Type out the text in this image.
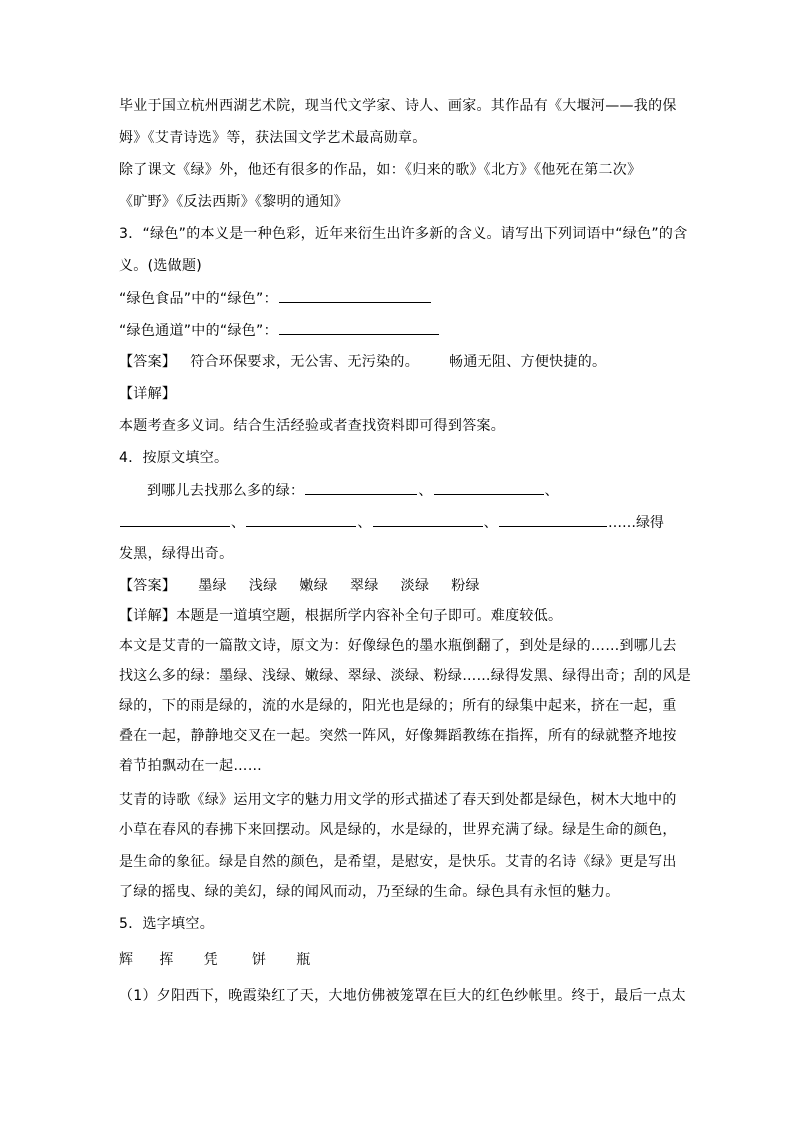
毕业于国立杭州西湖艺术院，现当代文学家、诗人、画家。其作品有《大堰河——我的保
姆》《艾青诗选》等，获法国文学艺术最高勋章。
除了课文《绿》外，他还有很多的作品，如：《归来的歌》《北方》《他死在第二次》
《旷野》《反法西斯》《黎明的通知》
3．“绿色”的本义是一种色彩，近年来衍生出许多新的含义。请写出下列词语中“绿色”的含
义。(选做题)
“绿色食品”中的“绿色”：
“绿色通道”中的“绿色”：
【答案】 符合环保要求，无公害、无污染的。 畅通无阻、方便快捷的。
【详解】
本题考查多义词。结合生活经验或者查找资料即可得到答案。
4．按原文填空。
到哪儿去找那么多的绿：	、	、
、	、	、	……绿得
发黑，绿得出奇。
【答案】 墨绿 浅绿 嫩绿 翠绿 淡绿 粉绿
【详解】本题是一道填空题，根据所学内容补全句子即可。难度较低。
本文是艾青的一篇散文诗，原文为：好像绿色的墨水瓶倒翻了，到处是绿的……到哪儿去
找这么多的绿：墨绿、浅绿、嫩绿、翠绿、淡绿、粉绿……绿得发黑、绿得出奇；刮的风是
绿的，下的雨是绿的，流的水是绿的，阳光也是绿的；所有的绿集中起来，挤在一起，重
叠在一起，静静地交叉在一起。突然一阵风，好像舞蹈教练在指挥，所有的绿就整齐地按
着节拍飘动在一起……
艾青的诗歌《绿》运用文字的魅力用文学的形式描述了春天到处都是绿色，树木大地中的
小草在春风的春拂下来回摆动。风是绿的，水是绿的，世界充满了绿。绿是生命的颜色，
是生命的象征。绿是自然的颜色，是希望，是慰安，是快乐。艾青的名诗《绿》更是写出
了绿的摇曳、绿的美幻，绿的闻风而动，乃至绿的生命。绿色具有永恒的魅力。
5．选字填空。
辉 挥 凭 饼 瓶
（1）夕阳西下，晚霞染红了天，大地仿佛被笼罩在巨大的红色纱帐里。终于，最后一点太
